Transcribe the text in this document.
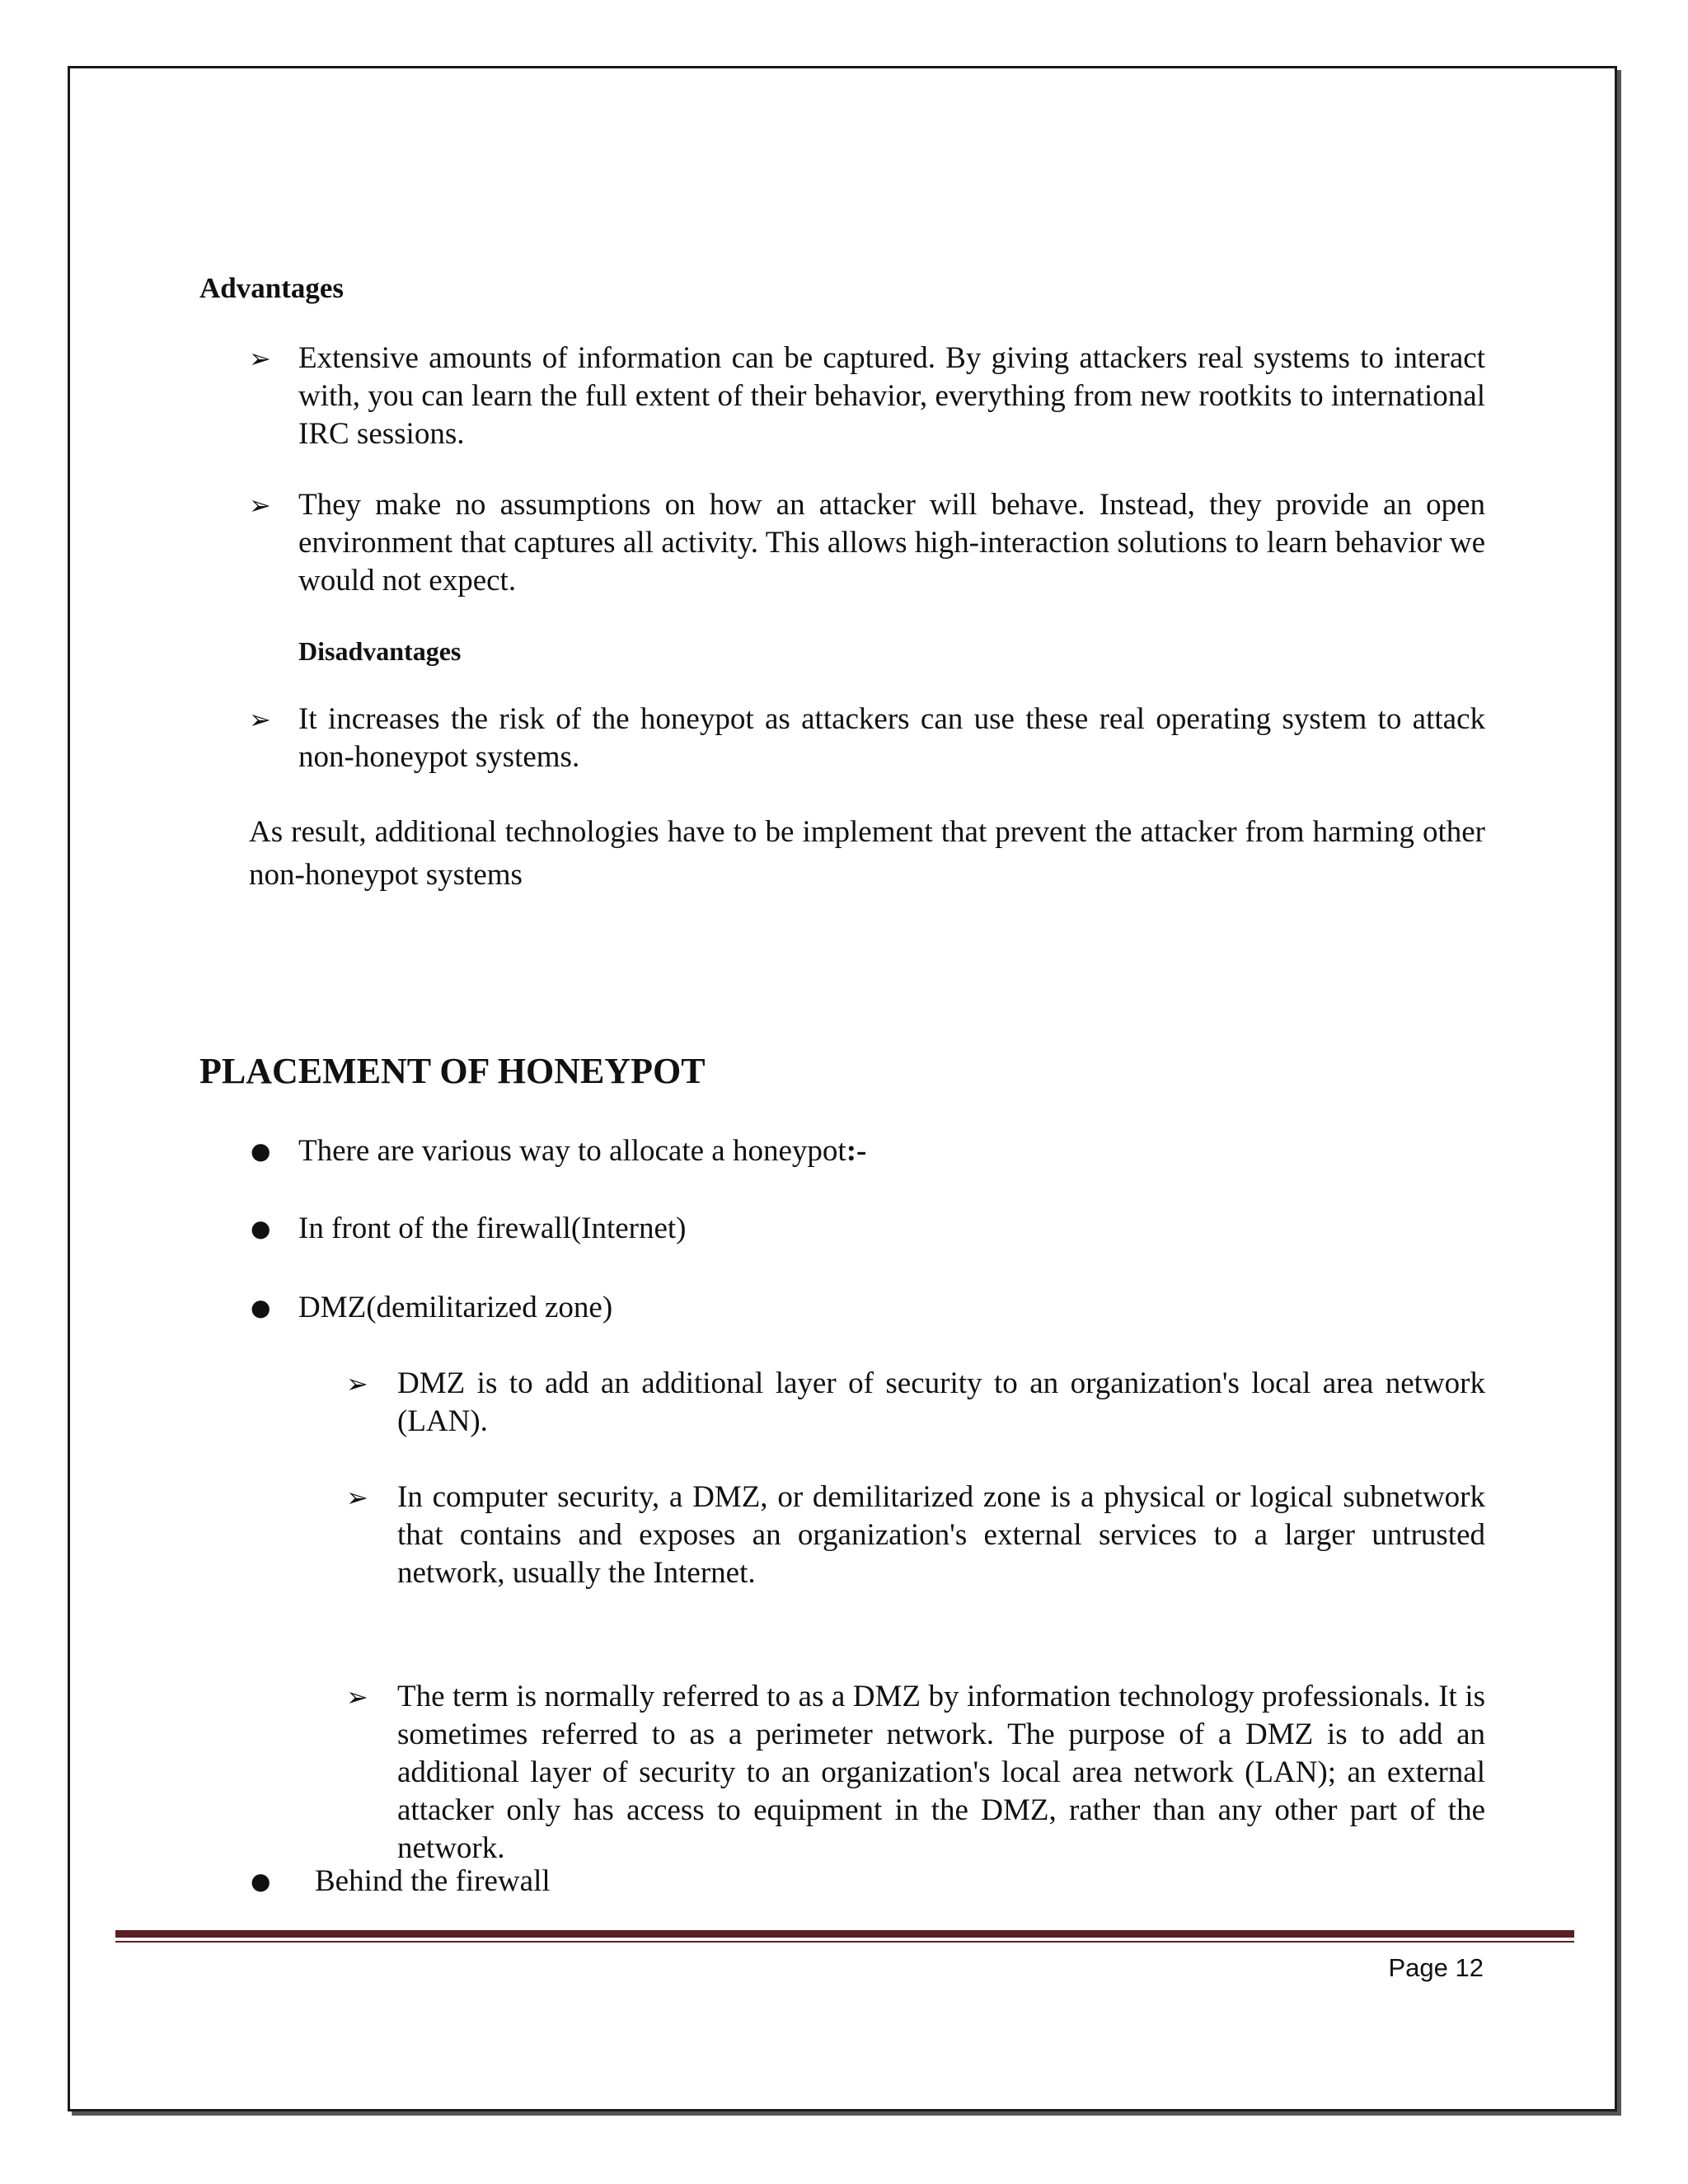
Advantages
➢ Extensive amounts of information can be captured. By giving attackers real systems to interact with, you can learn the full extent of their behavior, everything from new rootkits to international IRC sessions.
➢ They make no assumptions on how an attacker will behave. Instead, they provide an open environment that captures all activity. This allows high-interaction solutions to learn behavior we would not expect.
Disadvantages
➢ It increases the risk of the honeypot as attackers can use these real operating system to attack non-honeypot systems.
As result, additional technologies have to be implement that prevent the attacker from harming other non-honeypot systems
PLACEMENT OF HONEYPOT
● There are various way to allocate a honeypot:-
● In front of the firewall(Internet)
● DMZ(demilitarized zone)
➢ DMZ is to add an additional layer of security to an organization's local area network (LAN).
➢ In computer security, a DMZ, or demilitarized zone is a physical or logical subnetwork that contains and exposes an organization's external services to a larger untrusted network, usually the Internet.
➢ The term is normally referred to as a DMZ by information technology professionals. It is sometimes referred to as a perimeter network. The purpose of a DMZ is to add an additional layer of security to an organization's local area network (LAN); an external attacker only has access to equipment in the DMZ, rather than any other part of the network.
● Behind the firewall
Page 12
